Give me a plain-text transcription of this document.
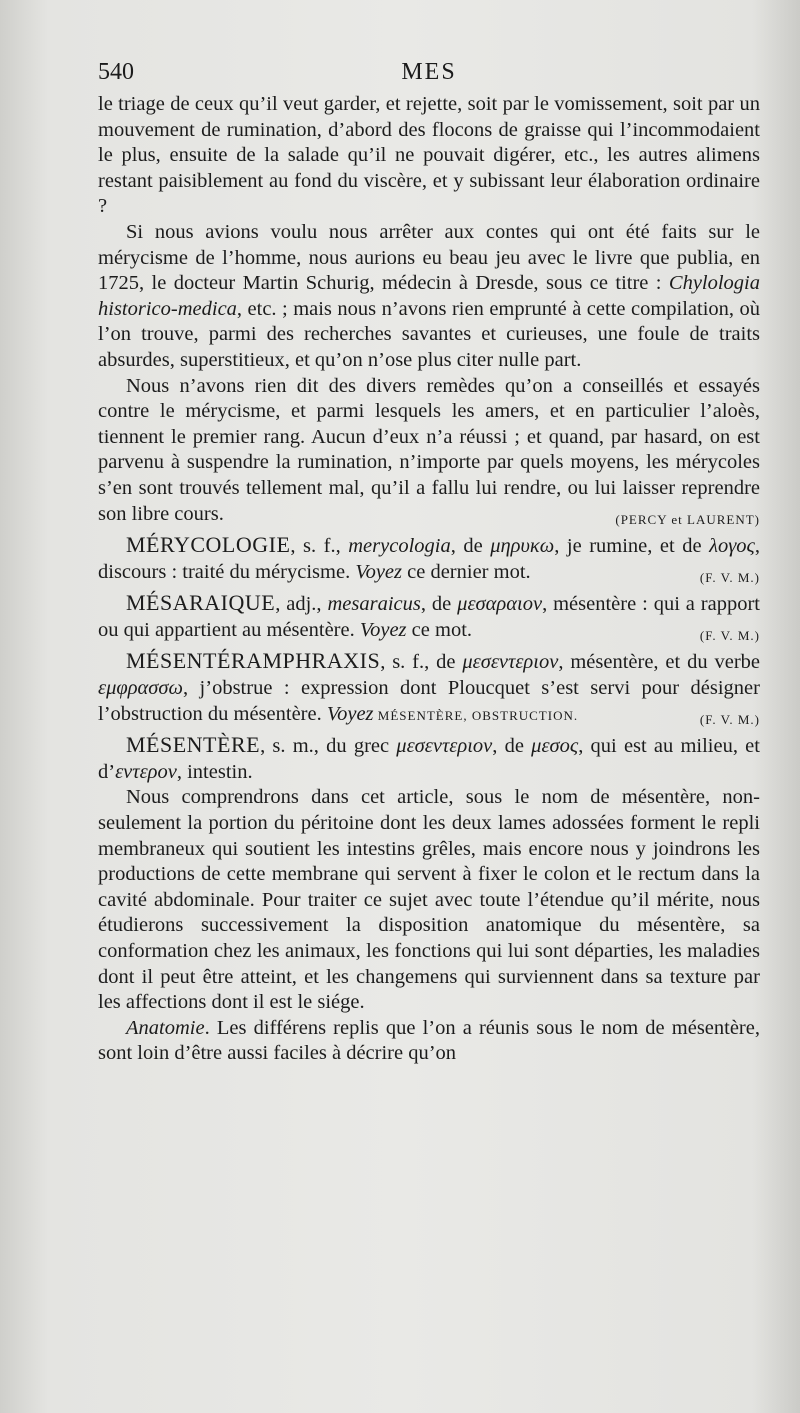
540	MES

le triage de ceux qu’il veut garder, et rejette, soit par le vomissement, soit par un mouvement de rumination, d’abord des flocons de graisse qui l’incommodaient le plus, ensuite de la salade qu’il ne pouvait digérer, etc., les autres alimens restant paisiblement au fond du viscère, et y subissant leur élaboration ordinaire ?

Si nous avions voulu nous arrêter aux contes qui ont été faits sur le mérycisme de l’homme, nous aurions eu beau jeu avec le livre que publia, en 1725, le docteur Martin Schurig, médecin à Dresde, sous ce titre : Chylologia historico-medica, etc. ; mais nous n’avons rien emprunté à cette compilation, où l’on trouve, parmi des recherches savantes et curieuses, une foule de traits absurdes, superstitieux, et qu’on n’ose plus citer nulle part.

Nous n’avons rien dit des divers remèdes qu’on a conseillés et essayés contre le mérycisme, et parmi lesquels les amers, et en particulier l’aloès, tiennent le premier rang. Aucun d’eux n’a réussi ; et quand, par hasard, on est parvenu à suspendre la rumination, n’importe par quels moyens, les mérycoles s’en sont trouvés tellement mal, qu’il a fallu lui rendre, ou lui laisser reprendre son libre cours.	(PERCY et LAURENT)

MÉRYCOLOGIE, s. f., merycologia, de μηρυκω, je rumine, et de λογος, discours : traité du mérycisme. Voyez ce dernier mot.	(F. V. M.)

MÉSARAIQUE, adj., mesaraicus, de μεσαραιον, mésentère : qui a rapport ou qui appartient au mésentère. Voyez ce mot.	(F. V. M.)

MÉSENTÉRAMPHRAXIS, s. f., de μεσεντεριον, mésentère, et du verbe εμφρασσω, j’obstrue : expression dont Ploucquet s’est servi pour désigner l’obstruction du mésentère. Voyez MÉSENTÈRE, OBSTRUCTION.	(F. V. M.)

MÉSENTÈRE, s. m., du grec μεσεντεριον, de μεσος, qui est au milieu, et d’εντερον, intestin.

Nous comprendrons dans cet article, sous le nom de mésentère, non-seulement la portion du péritoine dont les deux lames adossées forment le repli membraneux qui soutient les intestins grêles, mais encore nous y joindrons les productions de cette membrane qui servent à fixer le colon et le rectum dans la cavité abdominale. Pour traiter ce sujet avec toute l’étendue qu’il mérite, nous étudierons successivement la disposition anatomique du mésentère, sa conformation chez les animaux, les fonctions qui lui sont départies, les maladies dont il peut être atteint, et les changemens qui surviennent dans sa texture par les affections dont il est le siége.

Anatomie. Les différens replis que l’on a réunis sous le nom de mésentère, sont loin d’être aussi faciles à décrire qu’on
